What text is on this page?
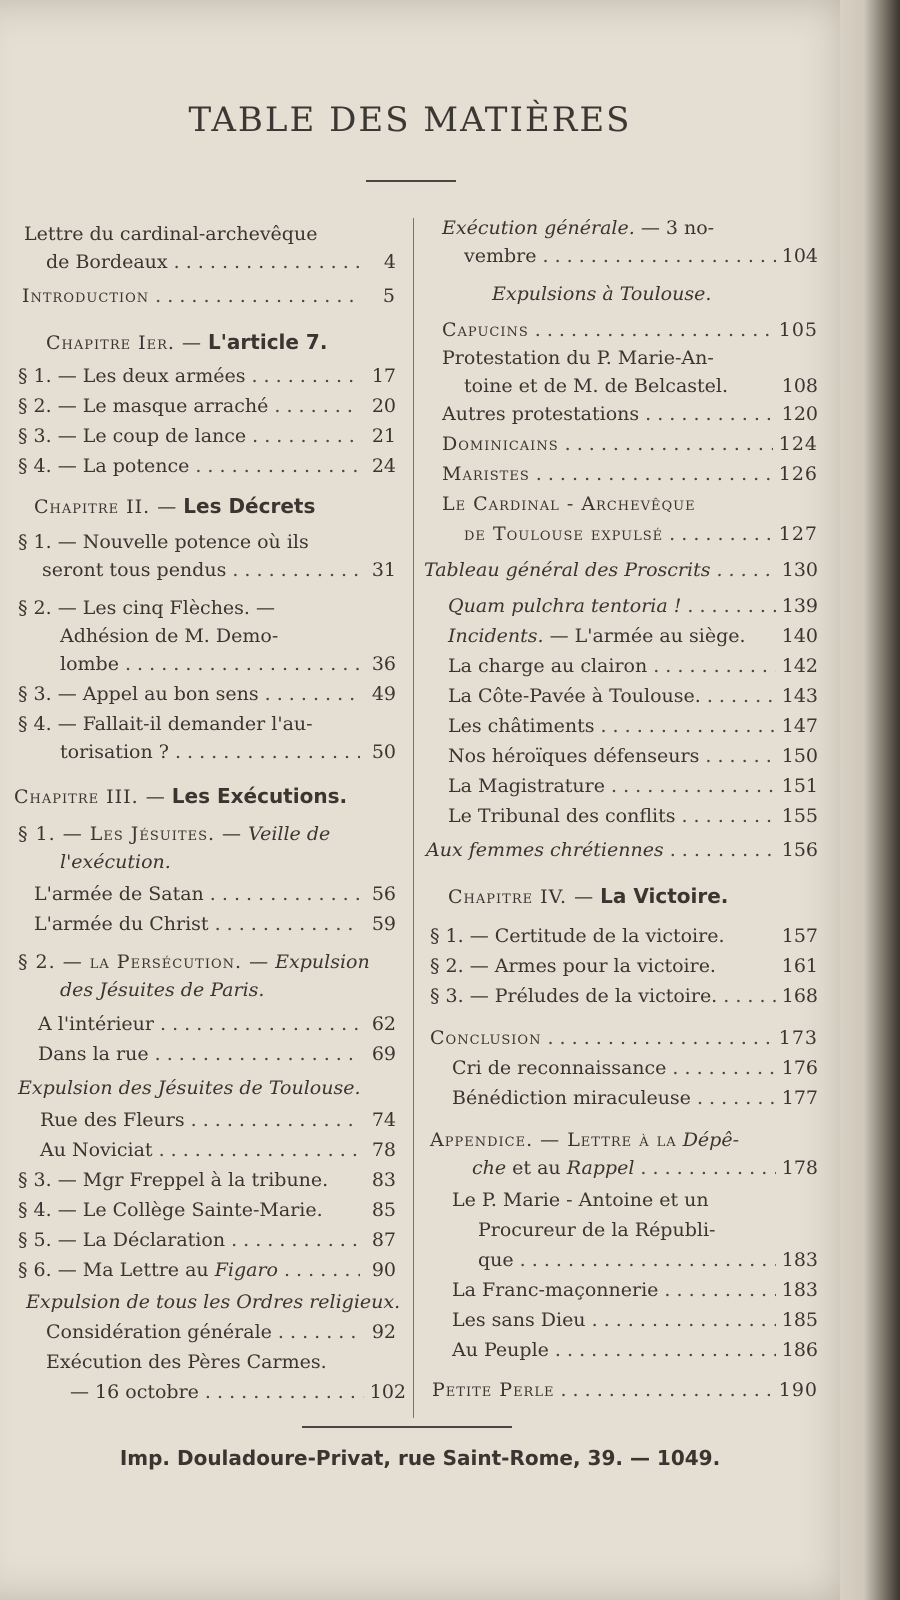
TABLE DES MATIÈRES
Lettre du cardinal-archevêque
de Bordeaux . . .	4
Introduction . . .	5
Chapitre Ier. — L'article 7.
§ 1. — Les deux armées . . .	17
§ 2. — Le masque arraché . . .	20
§ 3. — Le coup de lance . . .	21
§ 4. — La potence . . .	24
Chapitre II. — Les Décrets
§ 1. — Nouvelle potence où ils
seront tous pendus . . .	31
§ 2. — Les cinq Flèches. —
Adhésion de M. Demo-
lombe . . .	36
§ 3. — Appel au bon sens . . .	49
§ 4. — Fallait-il demander l'au-
torisation ? . . .	50
Chapitre III. — Les Exécutions.
§ 1. — Les Jésuites. — Veille de
l'exécution.
L'armée de Satan . . .	56
L'armée du Christ . . .	59
§ 2. — la Persécution. — Expulsion
des Jésuites de Paris.
A l'intérieur . . .	62
Dans la rue . . .	69
Expulsion des Jésuites de Toulouse.
Rue des Fleurs . . .	74
Au Noviciat . . .	78
§ 3. — Mgr Freppel à la tribune.	83
§ 4. — Le Collège Sainte-Marie.	85
§ 5. — La Déclaration . . .	87
§ 6. — Ma Lettre au Figaro . . .	90
Expulsion de tous les Ordres religieux.
Considération générale . . .	92
Exécution des Pères Carmes.
— 16 octobre . . .	102
Exécution générale. — 3 no-
vembre . . .	104
Expulsions à Toulouse.
Capucins . . .	105
Protestation du P. Marie-An-
toine et de M. de Belcastel.	108
Autres protestations . . .	120
Dominicains . . .	124
Maristes . . .	126
Le Cardinal - Archevêque
de Toulouse expulsé . . .	127
Tableau général des Proscrits . . .	130
Quam pulchra tentoria ! . . .	139
Incidents. — L'armée au siège. 140
La charge au clairon . . .	142
La Côte-Pavée à Toulouse. . . .	143
Les châtiments . . .	147
Nos héroïques défenseurs . . .	150
La Magistrature . . .	151
Le Tribunal des conflits . . .	155
Aux femmes chrétiennes . . .	156
Chapitre IV. — La Victoire.
§ 1. — Certitude de la victoire.	157
§ 2. — Armes pour la victoire.	161
§ 3. — Préludes de la victoire. . . .	168
Conclusion . . .	173
Cri de reconnaissance . . .	176
Bénédiction miraculeuse . . .	177
Appendice. — Lettre à la Dépê-
che et au Rappel . . .	178
Le P. Marie - Antoine et un
Procureur de la Républi-
que . . .	183
La Franc-maçonnerie . . .	183
Les sans Dieu . . .	185
Au Peuple . . .	186
Petite Perle . . .	190
Imp. Douladoure-Privat, rue Saint-Rome, 39. — 1049.
